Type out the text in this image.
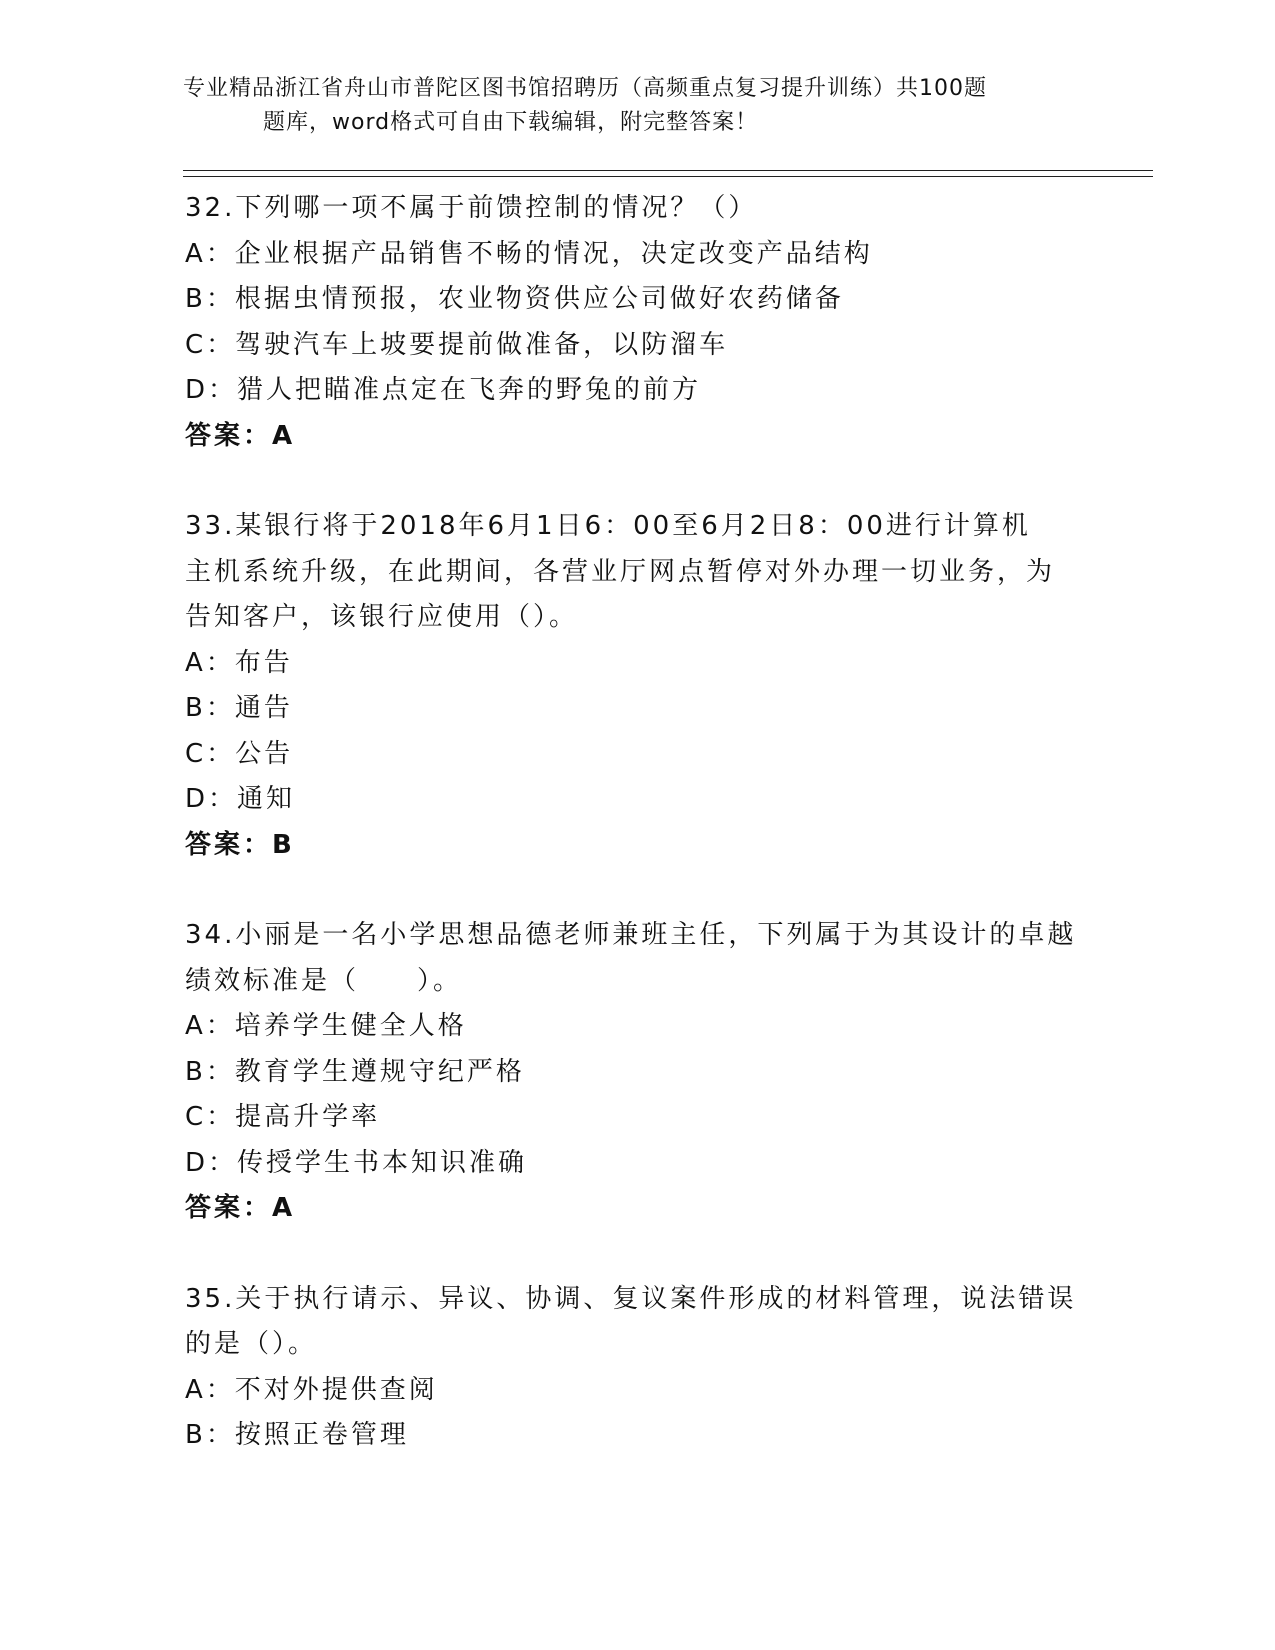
专业精品浙江省舟山市普陀区图书馆招聘历（高频重点复习提升训练）共100题
题库，word格式可自由下载编辑，附完整答案！
32.下列哪一项不属于前馈控制的情况？（）
A：企业根据产品销售不畅的情况，决定改变产品结构
B：根据虫情预报，农业物资供应公司做好农药储备
C：驾驶汽车上坡要提前做准备，以防溜车
D：猎人把瞄准点定在飞奔的野兔的前方
答案：A
33.某银行将于2018年6月1日6：00至6月2日8：00进行计算机
主机系统升级，在此期间，各营业厅网点暂停对外办理一切业务，为
告知客户，该银行应使用（）。
A：布告
B：通告
C：公告
D：通知
答案：B
34.小丽是一名小学思想品德老师兼班主任，下列属于为其设计的卓越
绩效标准是（　　）。
A：培养学生健全人格
B：教育学生遵规守纪严格
C：提高升学率
D：传授学生书本知识准确
答案：A
35.关于执行请示、异议、协调、复议案件形成的材料管理，说法错误
的是（）。
A：不对外提供查阅
B：按照正卷管理
